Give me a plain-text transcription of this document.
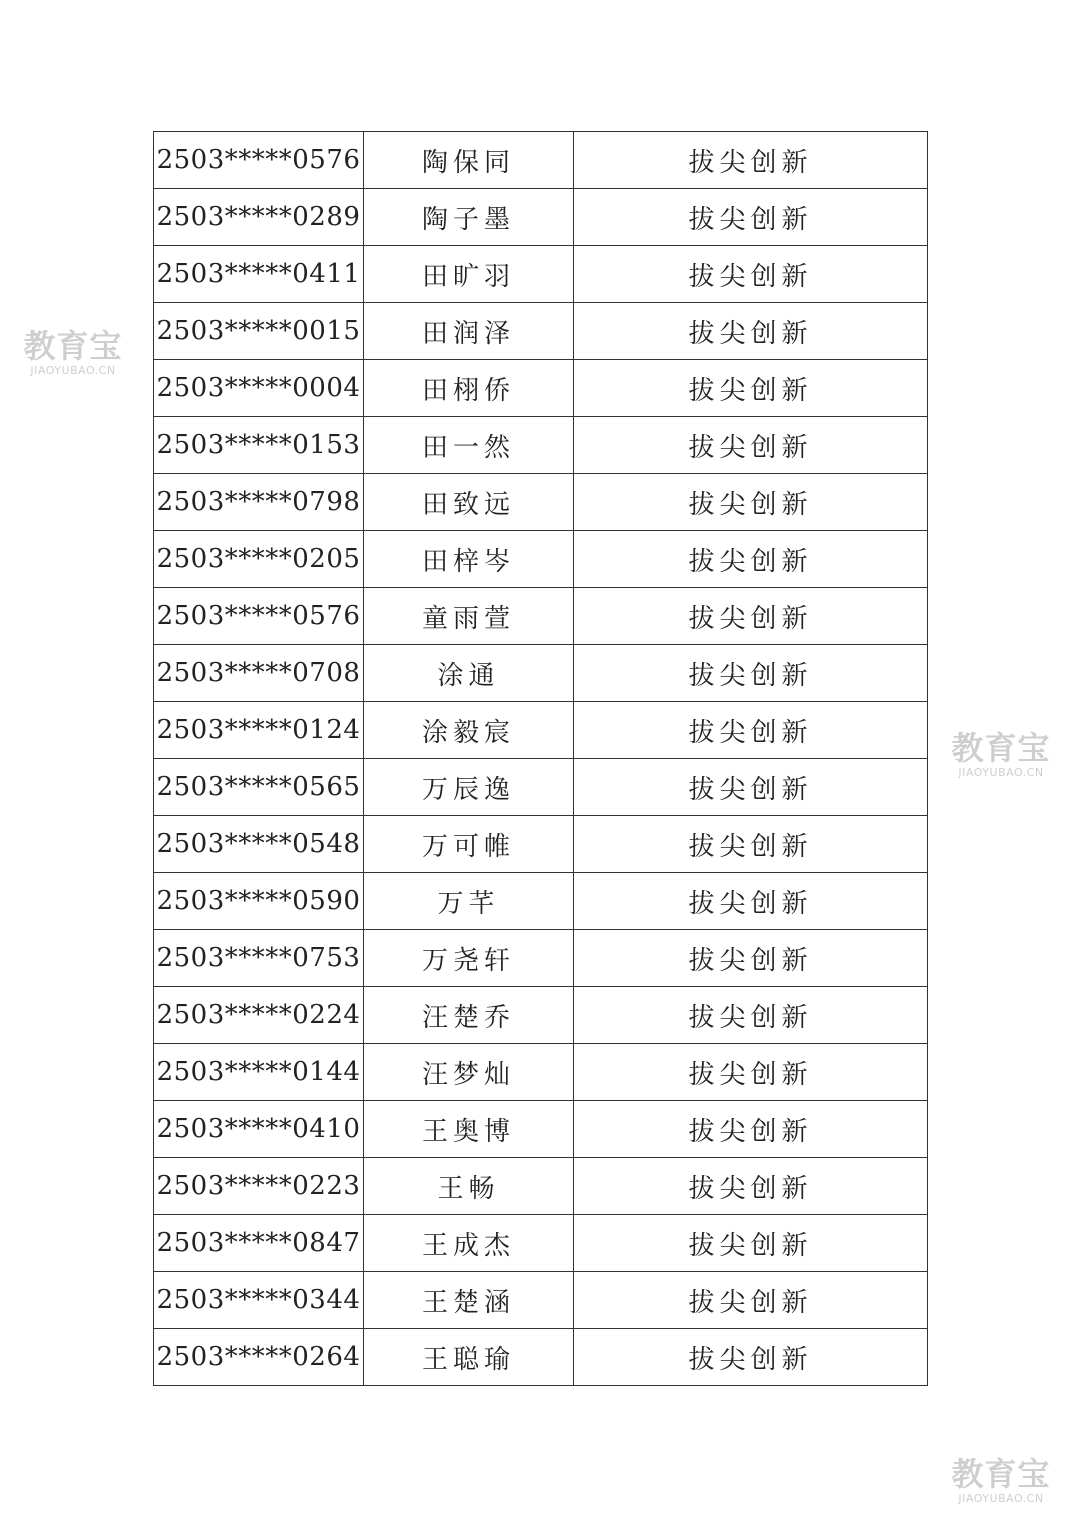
2503*****0576	陶保同	拔尖创新
2503*****0289	陶子墨	拔尖创新
2503*****0411	田旷羽	拔尖创新
2503*****0015	田润泽	拔尖创新
2503*****0004	田栩侨	拔尖创新
2503*****0153	田一然	拔尖创新
2503*****0798	田致远	拔尖创新
2503*****0205	田梓岑	拔尖创新
2503*****0576	童雨萱	拔尖创新
2503*****0708	涂通	拔尖创新
2503*****0124	涂毅宸	拔尖创新
2503*****0565	万辰逸	拔尖创新
2503*****0548	万可帷	拔尖创新
2503*****0590	万芊	拔尖创新
2503*****0753	万尧轩	拔尖创新
2503*****0224	汪楚乔	拔尖创新
2503*****0144	汪梦灿	拔尖创新
2503*****0410	王奥博	拔尖创新
2503*****0223	王畅	拔尖创新
2503*****0847	王成杰	拔尖创新
2503*****0344	王楚涵	拔尖创新
2503*****0264	王聪瑜	拔尖创新
教育宝
JIAOYUBAO.CN
教育宝
JIAOYUBAO.CN
教育宝
JIAOYUBAO.CN
